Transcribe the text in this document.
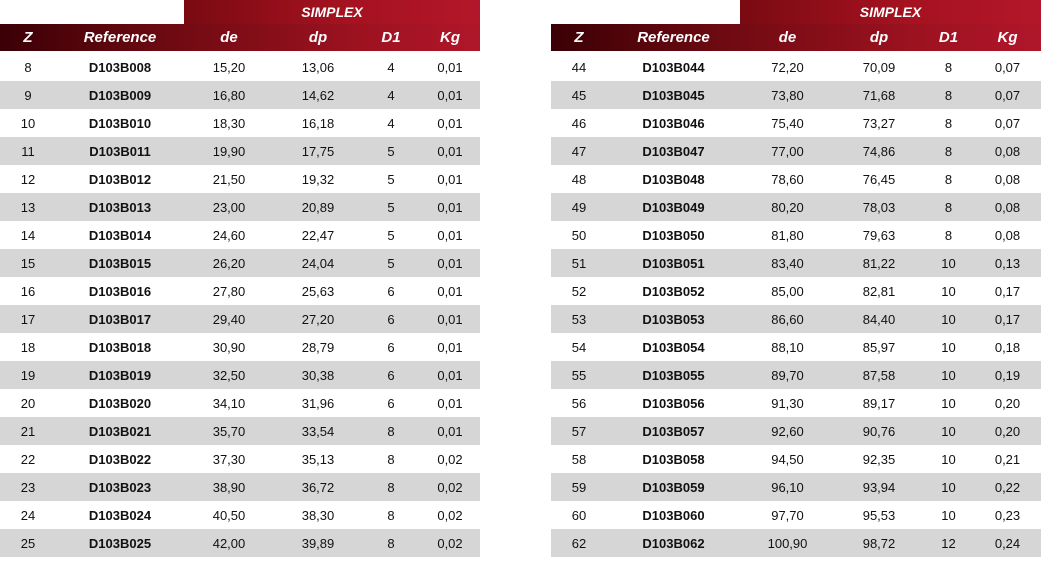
SIMPLEX
Z	Reference	de	dp	D1	Kg
8	D103B008	15,20	13,06	4	0,01
9	D103B009	16,80	14,62	4	0,01
10	D103B010	18,30	16,18	4	0,01
11	D103B011	19,90	17,75	5	0,01
12	D103B012	21,50	19,32	5	0,01
13	D103B013	23,00	20,89	5	0,01
14	D103B014	24,60	22,47	5	0,01
15	D103B015	26,20	24,04	5	0,01
16	D103B016	27,80	25,63	6	0,01
17	D103B017	29,40	27,20	6	0,01
18	D103B018	30,90	28,79	6	0,01
19	D103B019	32,50	30,38	6	0,01
20	D103B020	34,10	31,96	6	0,01
21	D103B021	35,70	33,54	8	0,01
22	D103B022	37,30	35,13	8	0,02
23	D103B023	38,90	36,72	8	0,02
24	D103B024	40,50	38,30	8	0,02
25	D103B025	42,00	39,89	8	0,02
SIMPLEX
Z	Reference	de	dp	D1	Kg
44	D103B044	72,20	70,09	8	0,07
45	D103B045	73,80	71,68	8	0,07
46	D103B046	75,40	73,27	8	0,07
47	D103B047	77,00	74,86	8	0,08
48	D103B048	78,60	76,45	8	0,08
49	D103B049	80,20	78,03	8	0,08
50	D103B050	81,80	79,63	8	0,08
51	D103B051	83,40	81,22	10	0,13
52	D103B052	85,00	82,81	10	0,17
53	D103B053	86,60	84,40	10	0,17
54	D103B054	88,10	85,97	10	0,18
55	D103B055	89,70	87,58	10	0,19
56	D103B056	91,30	89,17	10	0,20
57	D103B057	92,60	90,76	10	0,20
58	D103B058	94,50	92,35	10	0,21
59	D103B059	96,10	93,94	10	0,22
60	D103B060	97,70	95,53	10	0,23
62	D103B062	100,90	98,72	12	0,24
